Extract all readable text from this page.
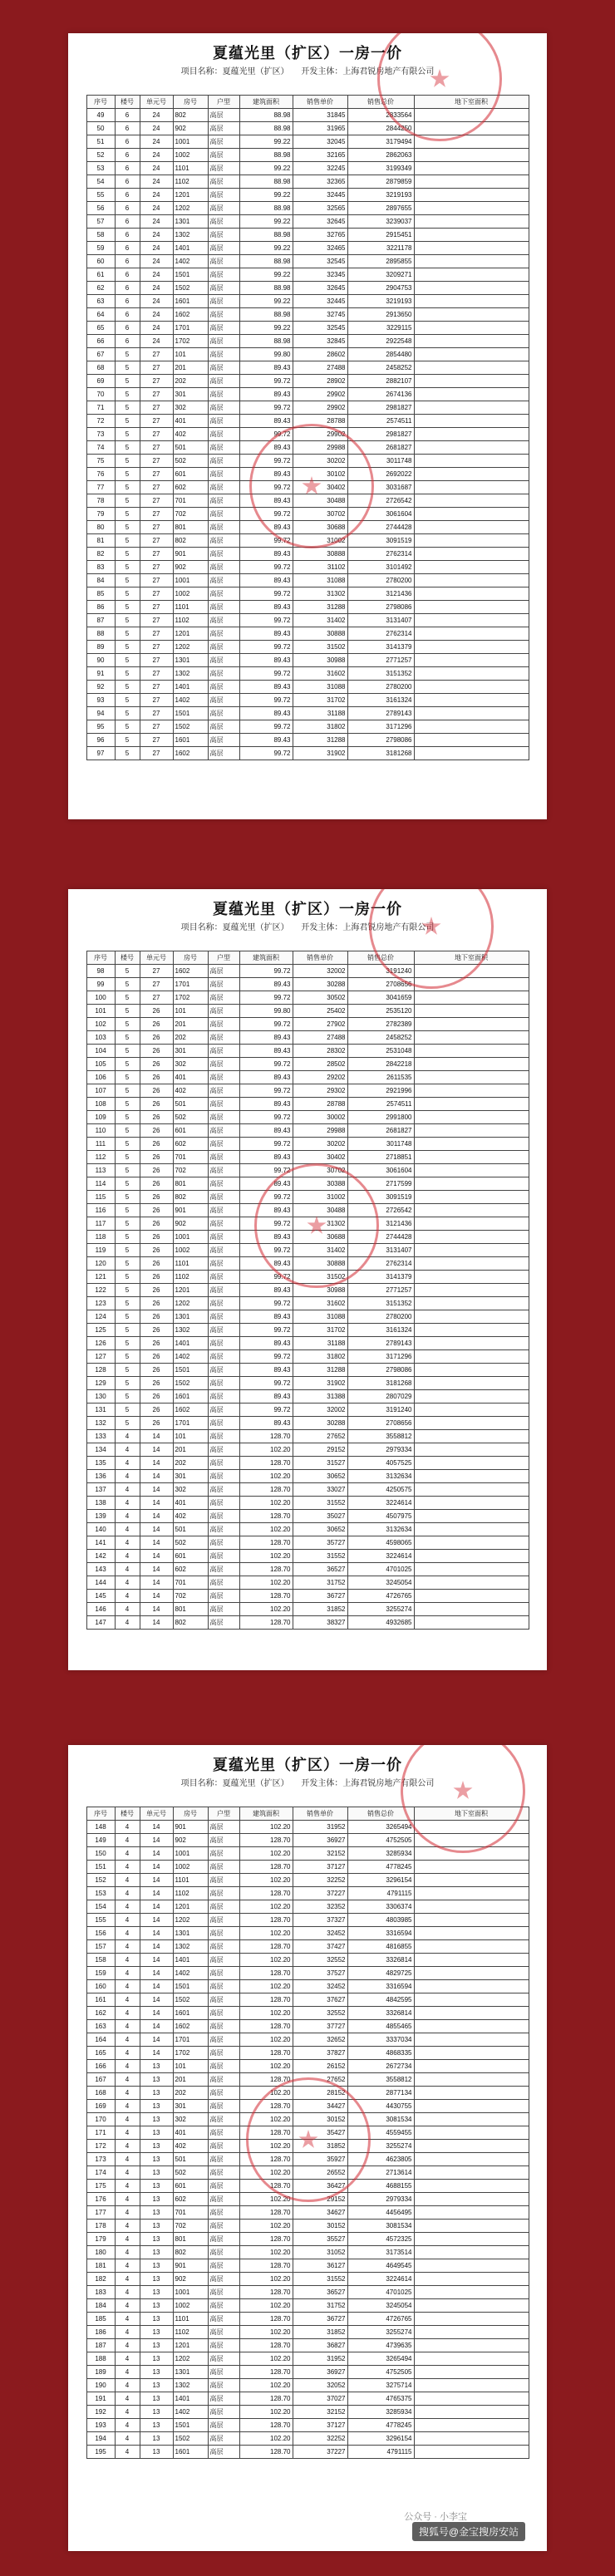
夏蕴光里（扩区）一房一价
项目名称：夏蕴光里（扩区） 开发主体：上海君锐房地产有限公司
序号	楼号	单元号	房号	户型	建筑面积	销售单价	销售总价	地下室面积
49	6	24	802	高层	88.98	31845	2833564	
50	6	24	902	高层	88.98	31965	2844250	
51	6	24	1001	高层	99.22	32045	3179494	
52	6	24	1002	高层	88.98	32165	2862063	
53	6	24	1101	高层	99.22	32245	3199349	
54	6	24	1102	高层	88.98	32365	2879859	
55	6	24	1201	高层	99.22	32445	3219193	
56	6	24	1202	高层	88.98	32565	2897655	
57	6	24	1301	高层	99.22	32645	3239037	
58	6	24	1302	高层	88.98	32765	2915451	
59	6	24	1401	高层	99.22	32465	3221178	
60	6	24	1402	高层	88.98	32545	2895855	
61	6	24	1501	高层	99.22	32345	3209271	
62	6	24	1502	高层	88.98	32645	2904753	
63	6	24	1601	高层	99.22	32445	3219193	
64	6	24	1602	高层	88.98	32745	2913650	
65	6	24	1701	高层	99.22	32545	3229115	
66	6	24	1702	高层	88.98	32845	2922548	
67	5	27	101	高层	99.80	28602	2854480	
68	5	27	201	高层	89.43	27488	2458252	
69	5	27	202	高层	99.72	28902	2882107	
70	5	27	301	高层	89.43	29902	2674136	
71	5	27	302	高层	99.72	29902	2981827	
72	5	27	401	高层	89.43	28788	2574511	
73	5	27	402	高层	99.72	29902	2981827	
74	5	27	501	高层	89.43	29988	2681827	
75	5	27	502	高层	99.72	30202	3011748	
76	5	27	601	高层	89.43	30102	2692022	
77	5	27	602	高层	99.72	30402	3031687	
78	5	27	701	高层	89.43	30488	2726542	
79	5	27	702	高层	99.72	30702	3061604	
80	5	27	801	高层	89.43	30688	2744428	
81	5	27	802	高层	99.72	31002	3091519	
82	5	27	901	高层	89.43	30888	2762314	
83	5	27	902	高层	99.72	31102	3101492	
84	5	27	1001	高层	89.43	31088	2780200	
85	5	27	1002	高层	99.72	31302	3121436	
86	5	27	1101	高层	89.43	31288	2798086	
87	5	27	1102	高层	99.72	31402	3131407	
88	5	27	1201	高层	89.43	30888	2762314	
89	5	27	1202	高层	99.72	31502	3141379	
90	5	27	1301	高层	89.43	30988	2771257	
91	5	27	1302	高层	99.72	31602	3151352	
92	5	27	1401	高层	89.43	31088	2780200	
93	5	27	1402	高层	99.72	31702	3161324	
94	5	27	1501	高层	89.43	31188	2789143	
95	5	27	1502	高层	99.72	31802	3171296	
96	5	27	1601	高层	89.43	31288	2798086	
97	5	27	1602	高层	99.72	31902	3181268	
夏蕴光里（扩区）一房一价
项目名称：夏蕴光里（扩区） 开发主体：上海君锐房地产有限公司
序号	楼号	单元号	房号	户型	建筑面积	销售单价	销售总价	地下室面积
98	5	27	1602	高层	99.72	32002	3191240	
99	5	27	1701	高层	89.43	30288	2708656	
100	5	27	1702	高层	99.72	30502	3041659	
101	5	26	101	高层	99.80	25402	2535120	
102	5	26	201	高层	99.72	27902	2782389	
103	5	26	202	高层	89.43	27488	2458252	
104	5	26	301	高层	89.43	28302	2531048	
105	5	26	302	高层	99.72	28502	2842218	
106	5	26	401	高层	89.43	29202	2611535	
107	5	26	402	高层	99.72	29302	2921996	
108	5	26	501	高层	89.43	28788	2574511	
109	5	26	502	高层	99.72	30002	2991800	
110	5	26	601	高层	89.43	29988	2681827	
111	5	26	602	高层	99.72	30202	3011748	
112	5	26	701	高层	89.43	30402	2718851	
113	5	26	702	高层	99.72	30702	3061604	
114	5	26	801	高层	89.43	30388	2717599	
115	5	26	802	高层	99.72	31002	3091519	
116	5	26	901	高层	89.43	30488	2726542	
117	5	26	902	高层	99.72	31302	3121436	
118	5	26	1001	高层	89.43	30688	2744428	
119	5	26	1002	高层	99.72	31402	3131407	
120	5	26	1101	高层	89.43	30888	2762314	
121	5	26	1102	高层	99.72	31502	3141379	
122	5	26	1201	高层	89.43	30988	2771257	
123	5	26	1202	高层	99.72	31602	3151352	
124	5	26	1301	高层	89.43	31088	2780200	
125	5	26	1302	高层	99.72	31702	3161324	
126	5	26	1401	高层	89.43	31188	2789143	
127	5	26	1402	高层	99.72	31802	3171296	
128	5	26	1501	高层	89.43	31288	2798086	
129	5	26	1502	高层	99.72	31902	3181268	
130	5	26	1601	高层	89.43	31388	2807029	
131	5	26	1602	高层	99.72	32002	3191240	
132	5	26	1701	高层	89.43	30288	2708656	
133	4	14	101	高层	128.70	27652	3558812	
134	4	14	201	高层	102.20	29152	2979334	
135	4	14	202	高层	128.70	31527	4057525	
136	4	14	301	高层	102.20	30652	3132634	
137	4	14	302	高层	128.70	33027	4250575	
138	4	14	401	高层	102.20	31552	3224614	
139	4	14	402	高层	128.70	35027	4507975	
140	4	14	501	高层	102.20	30652	3132634	
141	4	14	502	高层	128.70	35727	4598065	
142	4	14	601	高层	102.20	31552	3224614	
143	4	14	602	高层	128.70	36527	4701025	
144	4	14	701	高层	102.20	31752	3245054	
145	4	14	702	高层	128.70	36727	4726765	
146	4	14	801	高层	102.20	31852	3255274	
147	4	14	802	高层	128.70	38327	4932685	
夏蕴光里（扩区）一房一价
项目名称：夏蕴光里（扩区） 开发主体：上海君锐房地产有限公司
序号	楼号	单元号	房号	户型	建筑面积	销售单价	销售总价	地下室面积
148	4	14	901	高层	102.20	31952	3265494	
149	4	14	902	高层	128.70	36927	4752505	
150	4	14	1001	高层	102.20	32152	3285934	
151	4	14	1002	高层	128.70	37127	4778245	
152	4	14	1101	高层	102.20	32252	3296154	
153	4	14	1102	高层	128.70	37227	4791115	
154	4	14	1201	高层	102.20	32352	3306374	
155	4	14	1202	高层	128.70	37327	4803985	
156	4	14	1301	高层	102.20	32452	3316594	
157	4	14	1302	高层	128.70	37427	4816855	
158	4	14	1401	高层	102.20	32552	3326814	
159	4	14	1402	高层	128.70	37527	4829725	
160	4	14	1501	高层	102.20	32452	3316594	
161	4	14	1502	高层	128.70	37627	4842595	
162	4	14	1601	高层	102.20	32552	3326814	
163	4	14	1602	高层	128.70	37727	4855465	
164	4	14	1701	高层	102.20	32652	3337034	
165	4	14	1702	高层	128.70	37827	4868335	
166	4	13	101	高层	102.20	26152	2672734	
167	4	13	201	高层	128.70	27652	3558812	
168	4	13	202	高层	102.20	28152	2877134	
169	4	13	301	高层	128.70	34427	4430755	
170	4	13	302	高层	102.20	30152	3081534	
171	4	13	401	高层	128.70	35427	4559455	
172	4	13	402	高层	102.20	31852	3255274	
173	4	13	501	高层	128.70	35927	4623805	
174	4	13	502	高层	102.20	26552	2713614	
175	4	13	601	高层	128.70	36427	4688155	
176	4	13	602	高层	102.20	29152	2979334	
177	4	13	701	高层	128.70	34627	4456495	
178	4	13	702	高层	102.20	30152	3081534	
179	4	13	801	高层	128.70	35527	4572325	
180	4	13	802	高层	102.20	31052	3173514	
181	4	13	901	高层	128.70	36127	4649545	
182	4	13	902	高层	102.20	31552	3224614	
183	4	13	1001	高层	128.70	36527	4701025	
184	4	13	1002	高层	102.20	31752	3245054	
185	4	13	1101	高层	128.70	36727	4726765	
186	4	13	1102	高层	102.20	31852	3255274	
187	4	13	1201	高层	128.70	36827	4739635	
188	4	13	1202	高层	102.20	31952	3265494	
189	4	13	1301	高层	128.70	36927	4752505	
190	4	13	1302	高层	102.20	32052	3275714	
191	4	13	1401	高层	128.70	37027	4765375	
192	4	13	1402	高层	102.20	32152	3285934	
193	4	13	1501	高层	128.70	37127	4778245	
194	4	13	1502	高层	102.20	32252	3296154	
195	4	13	1601	高层	128.70	37227	4791115	
公众号 · 小李宝
搜狐号@金宝搜房安站
